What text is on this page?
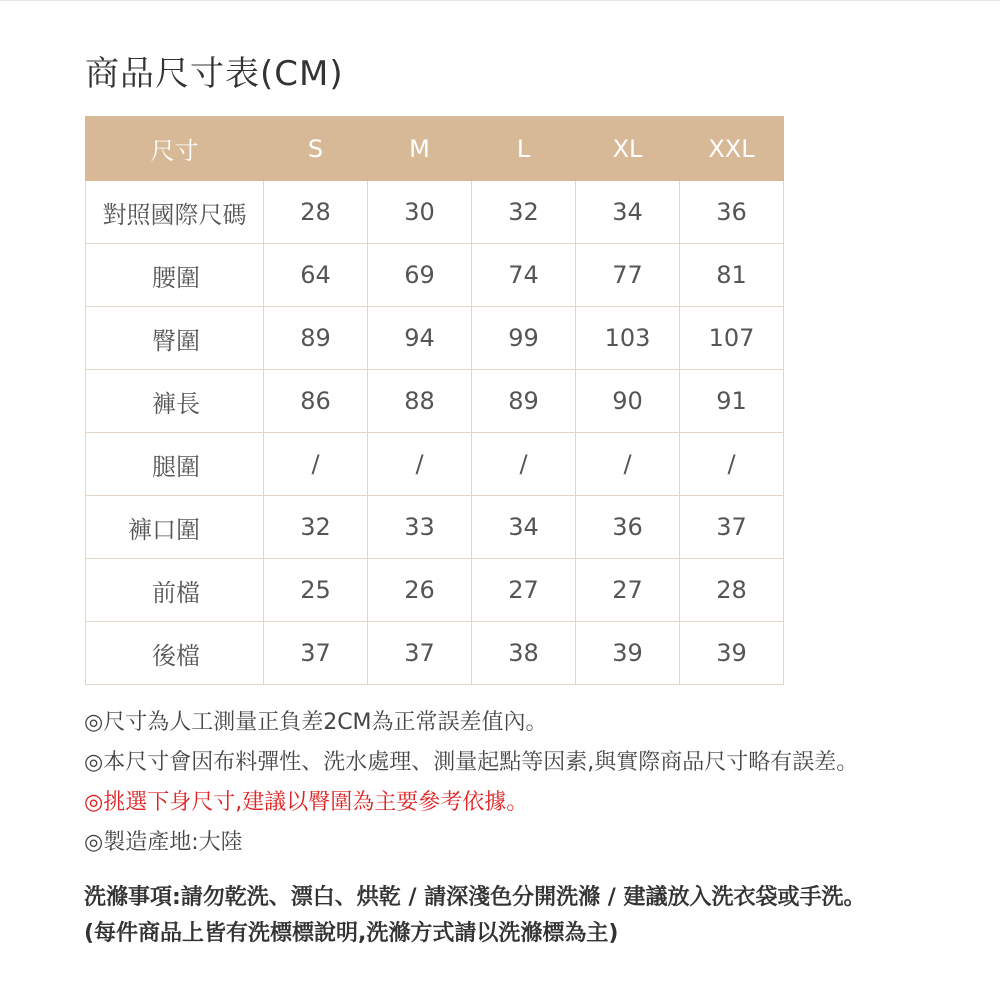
商品尺寸表(CM)
尺寸	S	M	L	XL	XXL
對照國際尺碼	28	30	32	34	36
腰圍	64	69	74	77	81
臀圍	89	94	99	103	107
褲長	86	88	89	90	91
腿圍	/	/	/	/	/
褲口圍	32	33	34	36	37
前檔	25	26	27	27	28
後檔	37	37	38	39	39
◎尺寸為人工測量正負差2CM為正常誤差值內。
◎本尺寸會因布料彈性、洗水處理、測量起點等因素,與實際商品尺寸略有誤差。
◎挑選下身尺寸,建議以臀圍為主要參考依據。
◎製造產地:大陸
洗滌事項:請勿乾洗、漂白、烘乾 / 請深淺色分開洗滌 / 建議放入洗衣袋或手洗。
(每件商品上皆有洗標標說明,洗滌方式請以洗滌標為主)
